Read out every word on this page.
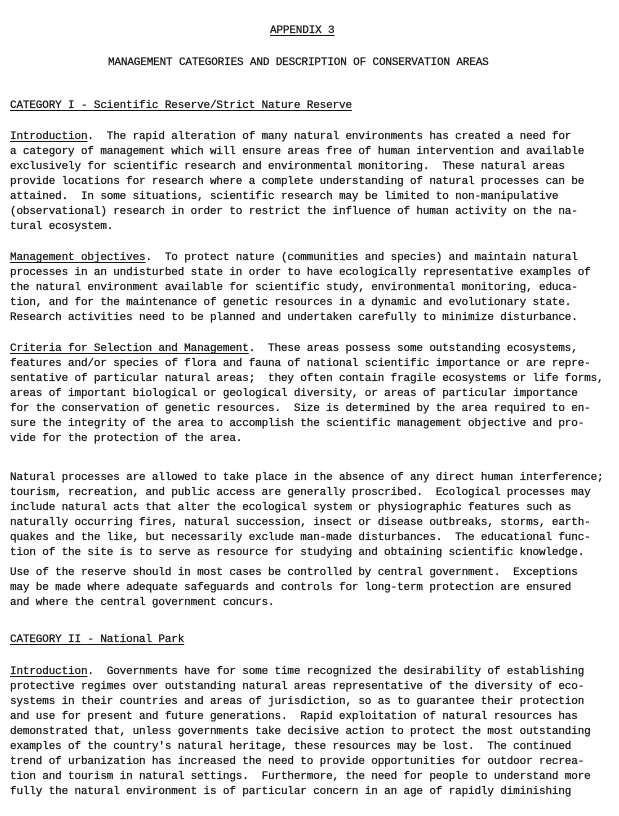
APPENDIX 3
MANAGEMENT CATEGORIES AND DESCRIPTION OF CONSERVATION AREAS
CATEGORY I - Scientific Reserve/Strict Nature Reserve
Introduction.  The rapid alteration of many natural environments has created a need for
a category of management which will ensure areas free of human intervention and available
exclusively for scientific research and environmental monitoring.  These natural areas
provide locations for research where a complete understanding of natural processes can be
attained.  In some situations, scientific research may be limited to non-manipulative
(observational) research in order to restrict the influence of human activity on the na-
tural ecosystem.
Management objectives.  To protect nature (communities and species) and maintain natural
processes in an undisturbed state in order to have ecologically representative examples of
the natural environment available for scientific study, environmental monitoring, educa-
tion, and for the maintenance of genetic resources in a dynamic and evolutionary state.
Research activities need to be planned and undertaken carefully to minimize disturbance.
Criteria for Selection and Management.  These areas possess some outstanding ecosystems,
features and/or species of flora and fauna of national scientific importance or are repre-
sentative of particular natural areas;  they often contain fragile ecosystems or life forms,
areas of important biological or geological diversity, or areas of particular importance
for the conservation of genetic resources.  Size is determined by the area required to en-
sure the integrity of the area to accomplish the scientific management objective and pro-
vide for the protection of the area.
Natural processes are allowed to take place in the absence of any direct human interference;
tourism, recreation, and public access are generally proscribed.  Ecological processes may
include natural acts that alter the ecological system or physiographic features such as
naturally occurring fires, natural succession, insect or disease outbreaks, storms, earth-
quakes and the like, but necessarily exclude man-made disturbances.  The educational func-
tion of the site is to serve as resource for studying and obtaining scientific knowledge.
Use of the reserve should in most cases be controlled by central government.  Exceptions
may be made where adequate safeguards and controls for long-term protection are ensured
and where the central government concurs.
CATEGORY II - National Park
Introduction.  Governments have for some time recognized the desirability of establishing
protective regimes over outstanding natural areas representative of the diversity of eco-
systems in their countries and areas of jurisdiction, so as to guarantee their protection
and use for present and future generations.  Rapid exploitation of natural resources has
demonstrated that, unless governments take decisive action to protect the most outstanding
examples of the country's natural heritage, these resources may be lost.  The continued
trend of urbanization has increased the need to provide opportunities for outdoor recrea-
tion and tourism in natural settings.  Furthermore, the need for people to understand more
fully the natural environment is of particular concern in an age of rapidly diminishing
